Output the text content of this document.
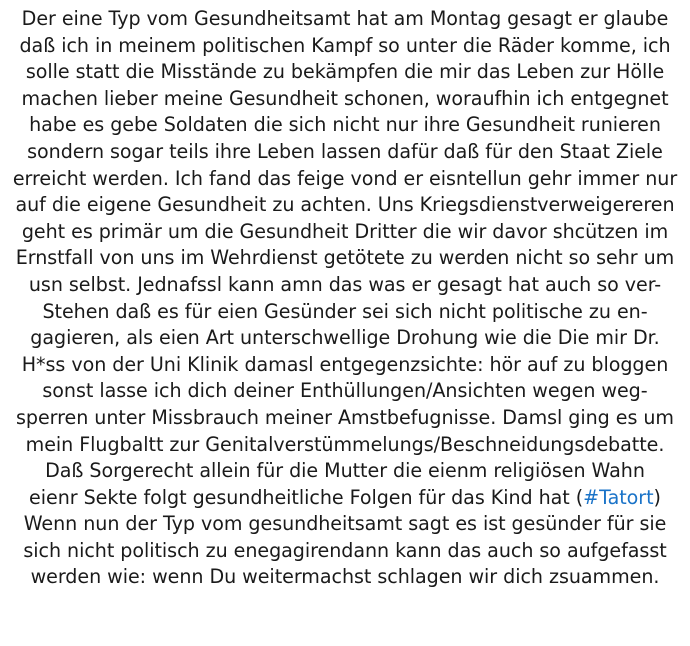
Der eine Typ vom Gesundheitsamt hat am Montag gesagt er glaube
daß ich in meinem politischen Kampf so unter die Räder komme, ich
solle statt die Misstände zu bekämpfen die mir das Leben zur Hölle
machen lieber meine Gesundheit schonen, woraufhin ich entgegnet
habe es gebe Soldaten die sich nicht nur ihre Gesundheit runieren
sondern sogar teils ihre Leben lassen dafür daß für den Staat Ziele
erreicht werden. Ich fand das feige vond er eisntellun gehr immer nur
auf die eigene Gesundheit zu achten. Uns Kriegsdienstverweigereren
geht es primär um die Gesundheit Dritter die wir davor shcützen im
Ernstfall von uns im Wehrdienst getötete zu werden nicht so sehr um
usn selbst. Jednafssl kann amn das was er gesagt hat auch so ver-
Stehen daß es für eien Gesünder sei sich nicht politische zu en-
gagieren, als eien Art unterschwellige Drohung wie die Die mir Dr.
H*ss von der Uni Klinik damasl entgegenzsichte: hör auf zu bloggen
sonst lasse ich dich deiner Enthüllungen/Ansichten wegen weg-
sperren unter Missbrauch meiner Amstbefugnisse. Damsl ging es um
mein Flugbaltt zur Genitalverstümmelungs/Beschneidungsdebatte.
Daß Sorgerecht allein für die Mutter die eienm religiösen Wahn
eienr Sekte folgt gesundheitliche Folgen für das Kind hat (#Tatort)
Wenn nun der Typ vom gesundheitsamt sagt es ist gesünder für sie
sich nicht politisch zu enegagirendann kann das auch so aufgefasst
werden wie: wenn Du weitermachst schlagen wir dich zsuammen.
